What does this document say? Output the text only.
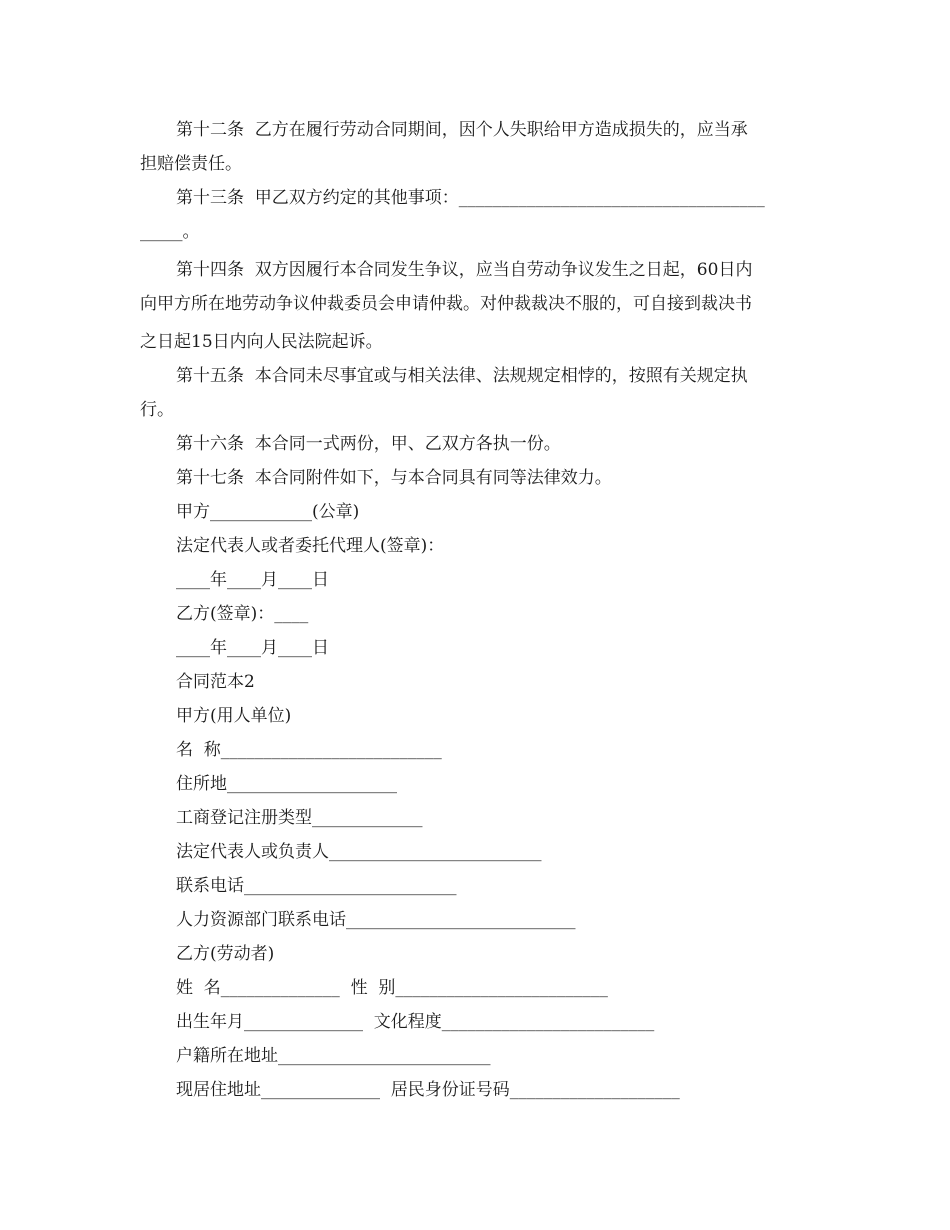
第十二条  乙方在履行劳动合同期间，因个人失职给甲方造成损失的，应当承
担赔偿责任。
第十三条  甲乙双方约定的其他事项：____________________________________
_____。
第十四条  双方因履行本合同发生争议，应当自劳动争议发生之日起，60日内
向甲方所在地劳动争议仲裁委员会申请仲裁。对仲裁裁决不服的，可自接到裁决书
之日起15日内向人民法院起诉。
第十五条  本合同未尽事宜或与相关法律、法规规定相悖的，按照有关规定执
行。
第十六条  本合同一式两份，甲、乙双方各执一份。
第十七条  本合同附件如下，与本合同具有同等法律效力。
甲方____________(公章)
法定代表人或者委托代理人(签章)：
____年____月____日
乙方(签章)：____
____年____月____日
合同范本2
甲方(用人单位)
名  称__________________________
住所地____________________
工商登记注册类型_____________
法定代表人或负责人_________________________
联系电话_________________________
人力资源部门联系电话___________________________
乙方(劳动者)
姓  名______________  性  别_________________________
出生年月______________  文化程度_________________________
户籍所在地址_________________________
现居住地址______________  居民身份证号码____________________
